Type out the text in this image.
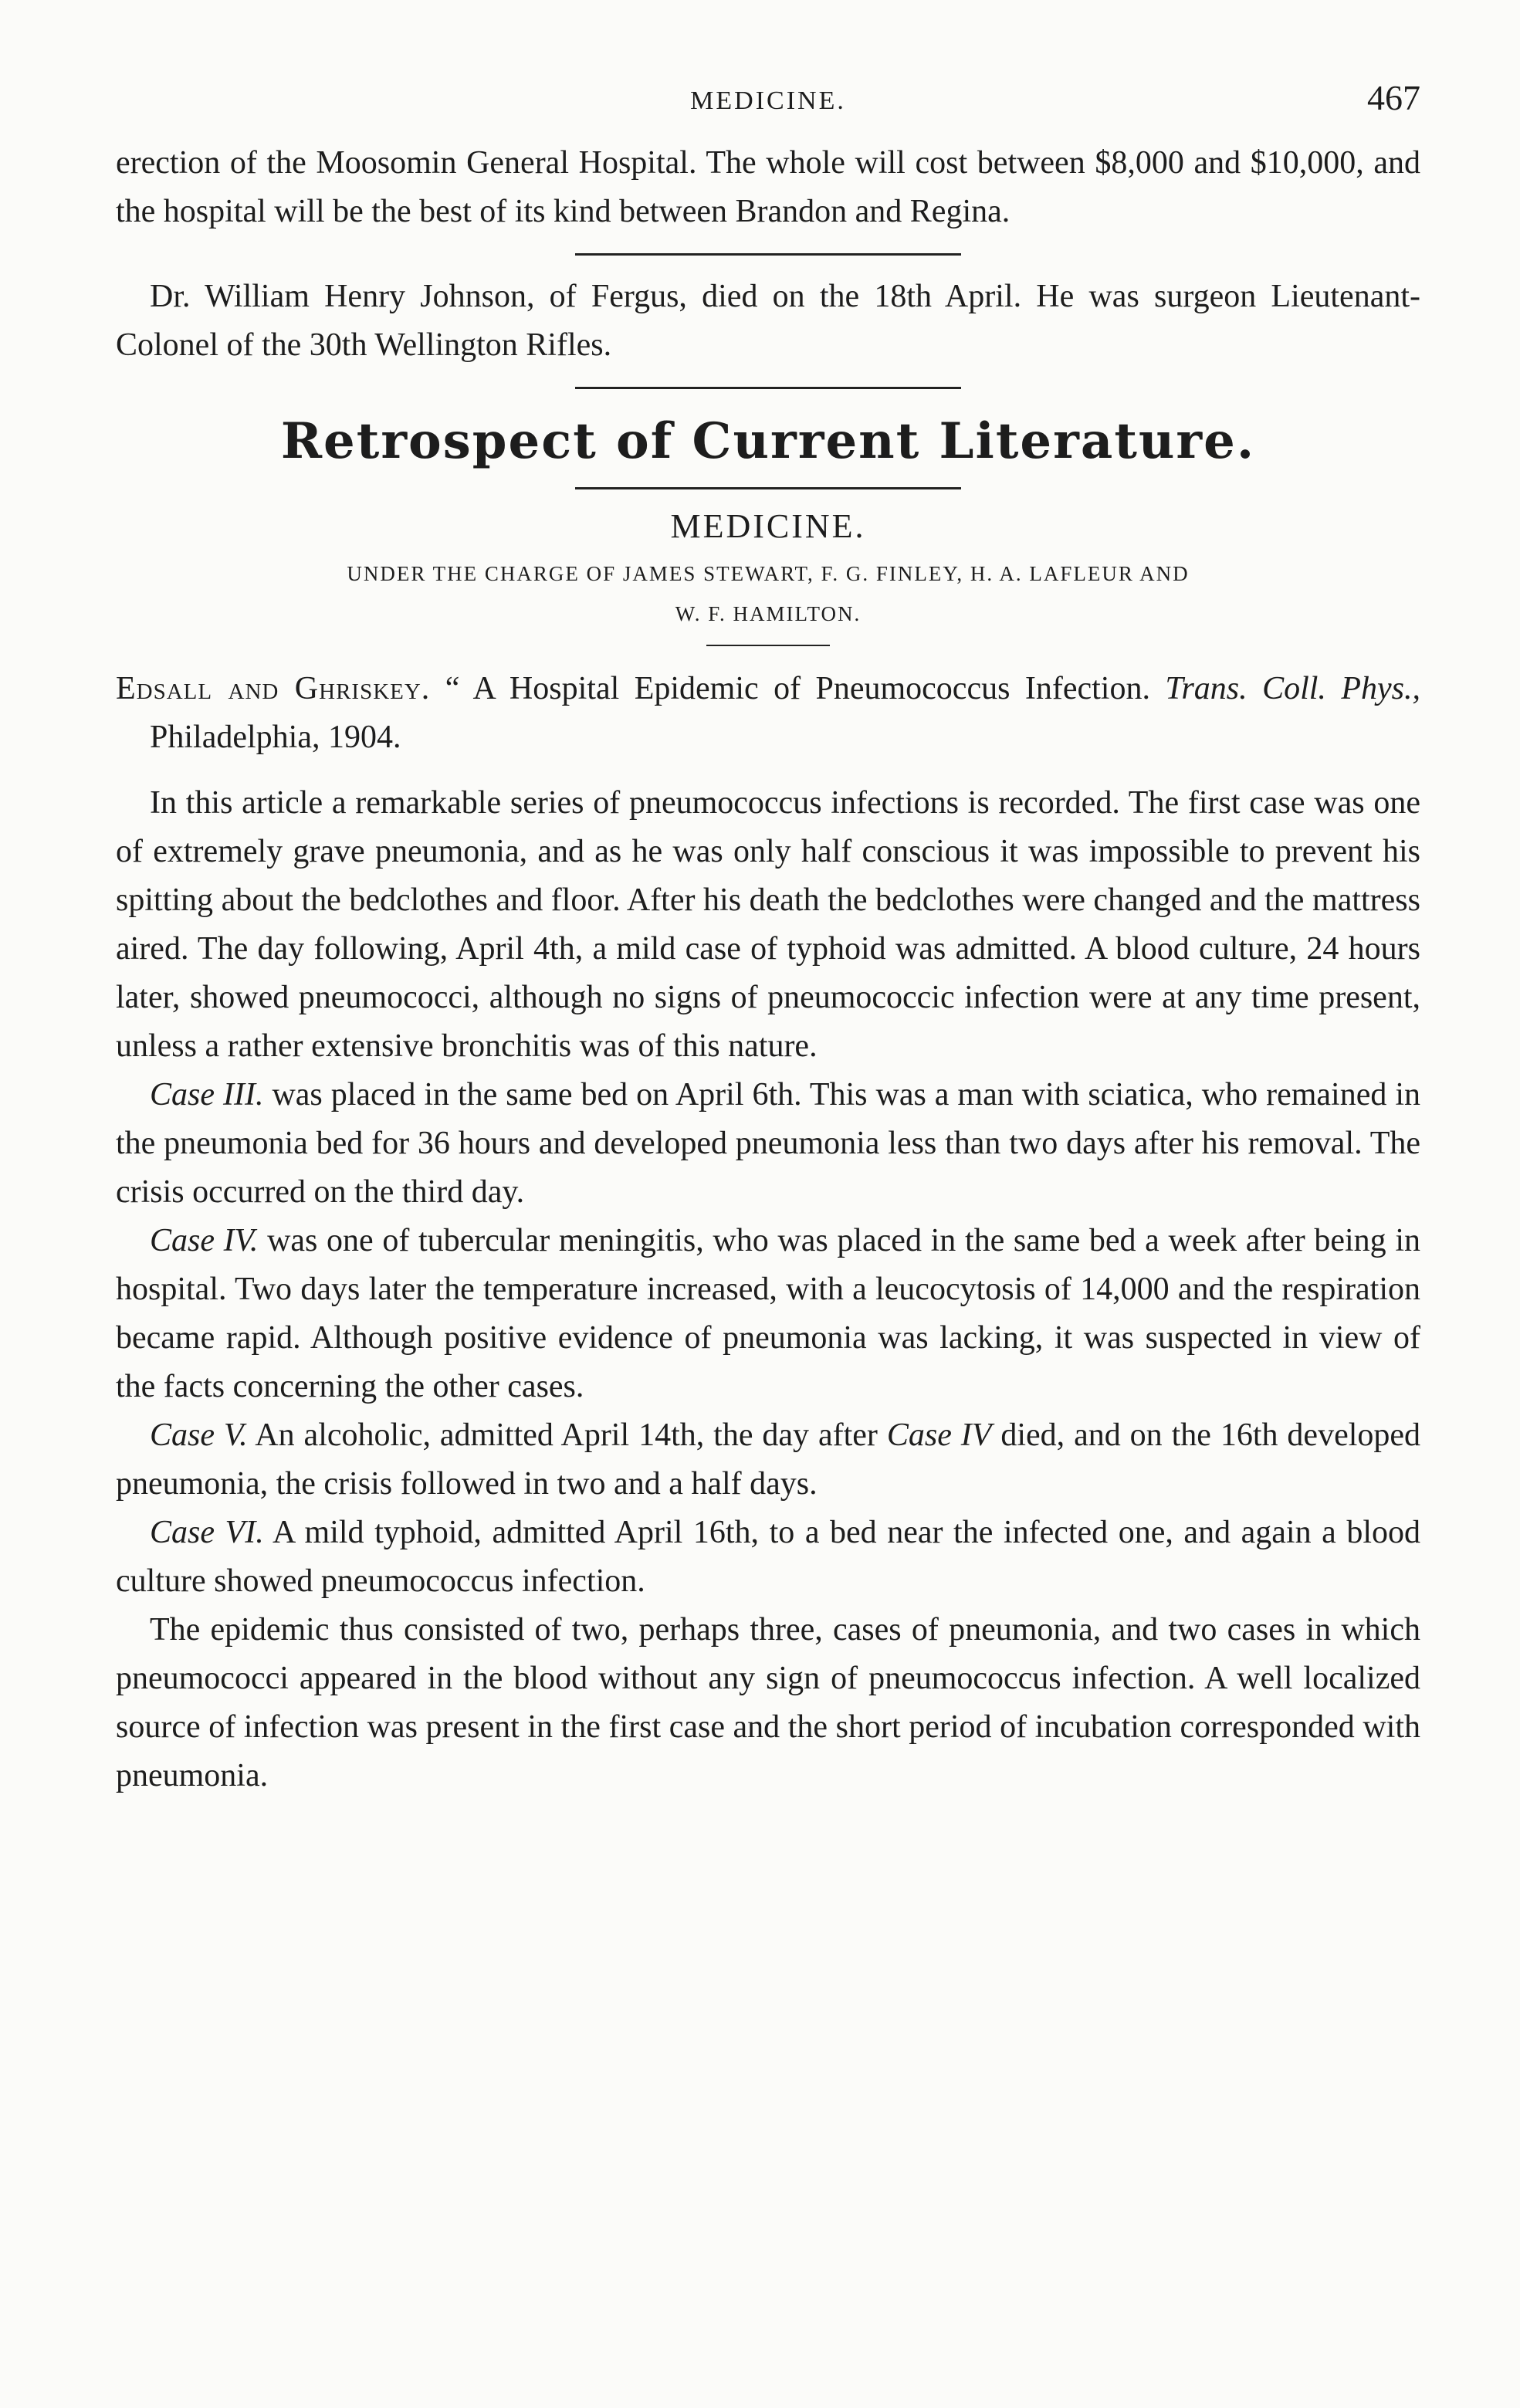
MEDICINE.	467

erection of the Moosomin General Hospital. The whole will cost between $8,000 and $10,000, and the hospital will be the best of its kind between Brandon and Regina.

Dr. William Henry Johnson, of Fergus, died on the 18th April. He was surgeon Lieutenant-Colonel of the 30th Wellington Rifles.

Retrospect of Current Literature.
MEDICINE.
UNDER THE CHARGE OF JAMES STEWART, F. G. FINLEY, H. A. LAFLEUR AND
W. F. HAMILTON.

Edsall and Ghriskey. “ A Hospital Epidemic of Pneumococcus Infection. Trans. Coll. Phys., Philadelphia, 1904.

In this article a remarkable series of pneumococcus infections is recorded. The first case was one of extremely grave pneumonia, and as he was only half conscious it was impossible to prevent his spitting about the bedclothes and floor. After his death the bedclothes were changed and the mattress aired. The day following, April 4th, a mild case of typhoid was admitted. A blood culture, 24 hours later, showed pneumococci, although no signs of pneumococcic infection were at any time present, unless a rather extensive bronchitis was of this nature.

Case III. was placed in the same bed on April 6th. This was a man with sciatica, who remained in the pneumonia bed for 36 hours and developed pneumonia less than two days after his removal. The crisis occurred on the third day.

Case IV. was one of tubercular meningitis, who was placed in the same bed a week after being in hospital. Two days later the temperature increased, with a leucocytosis of 14,000 and the respiration became rapid. Although positive evidence of pneumonia was lacking, it was suspected in view of the facts concerning the other cases.

Case V. An alcoholic, admitted April 14th, the day after Case IV died, and on the 16th developed pneumonia, the crisis followed in two and a half days.

Case VI. A mild typhoid, admitted April 16th, to a bed near the infected one, and again a blood culture showed pneumococcus infection.

The epidemic thus consisted of two, perhaps three, cases of pneumonia, and two cases in which pneumococci appeared in the blood without any sign of pneumococcus infection. A well localized source of infection was present in the first case and the short period of incubation corresponded with pneumonia.
